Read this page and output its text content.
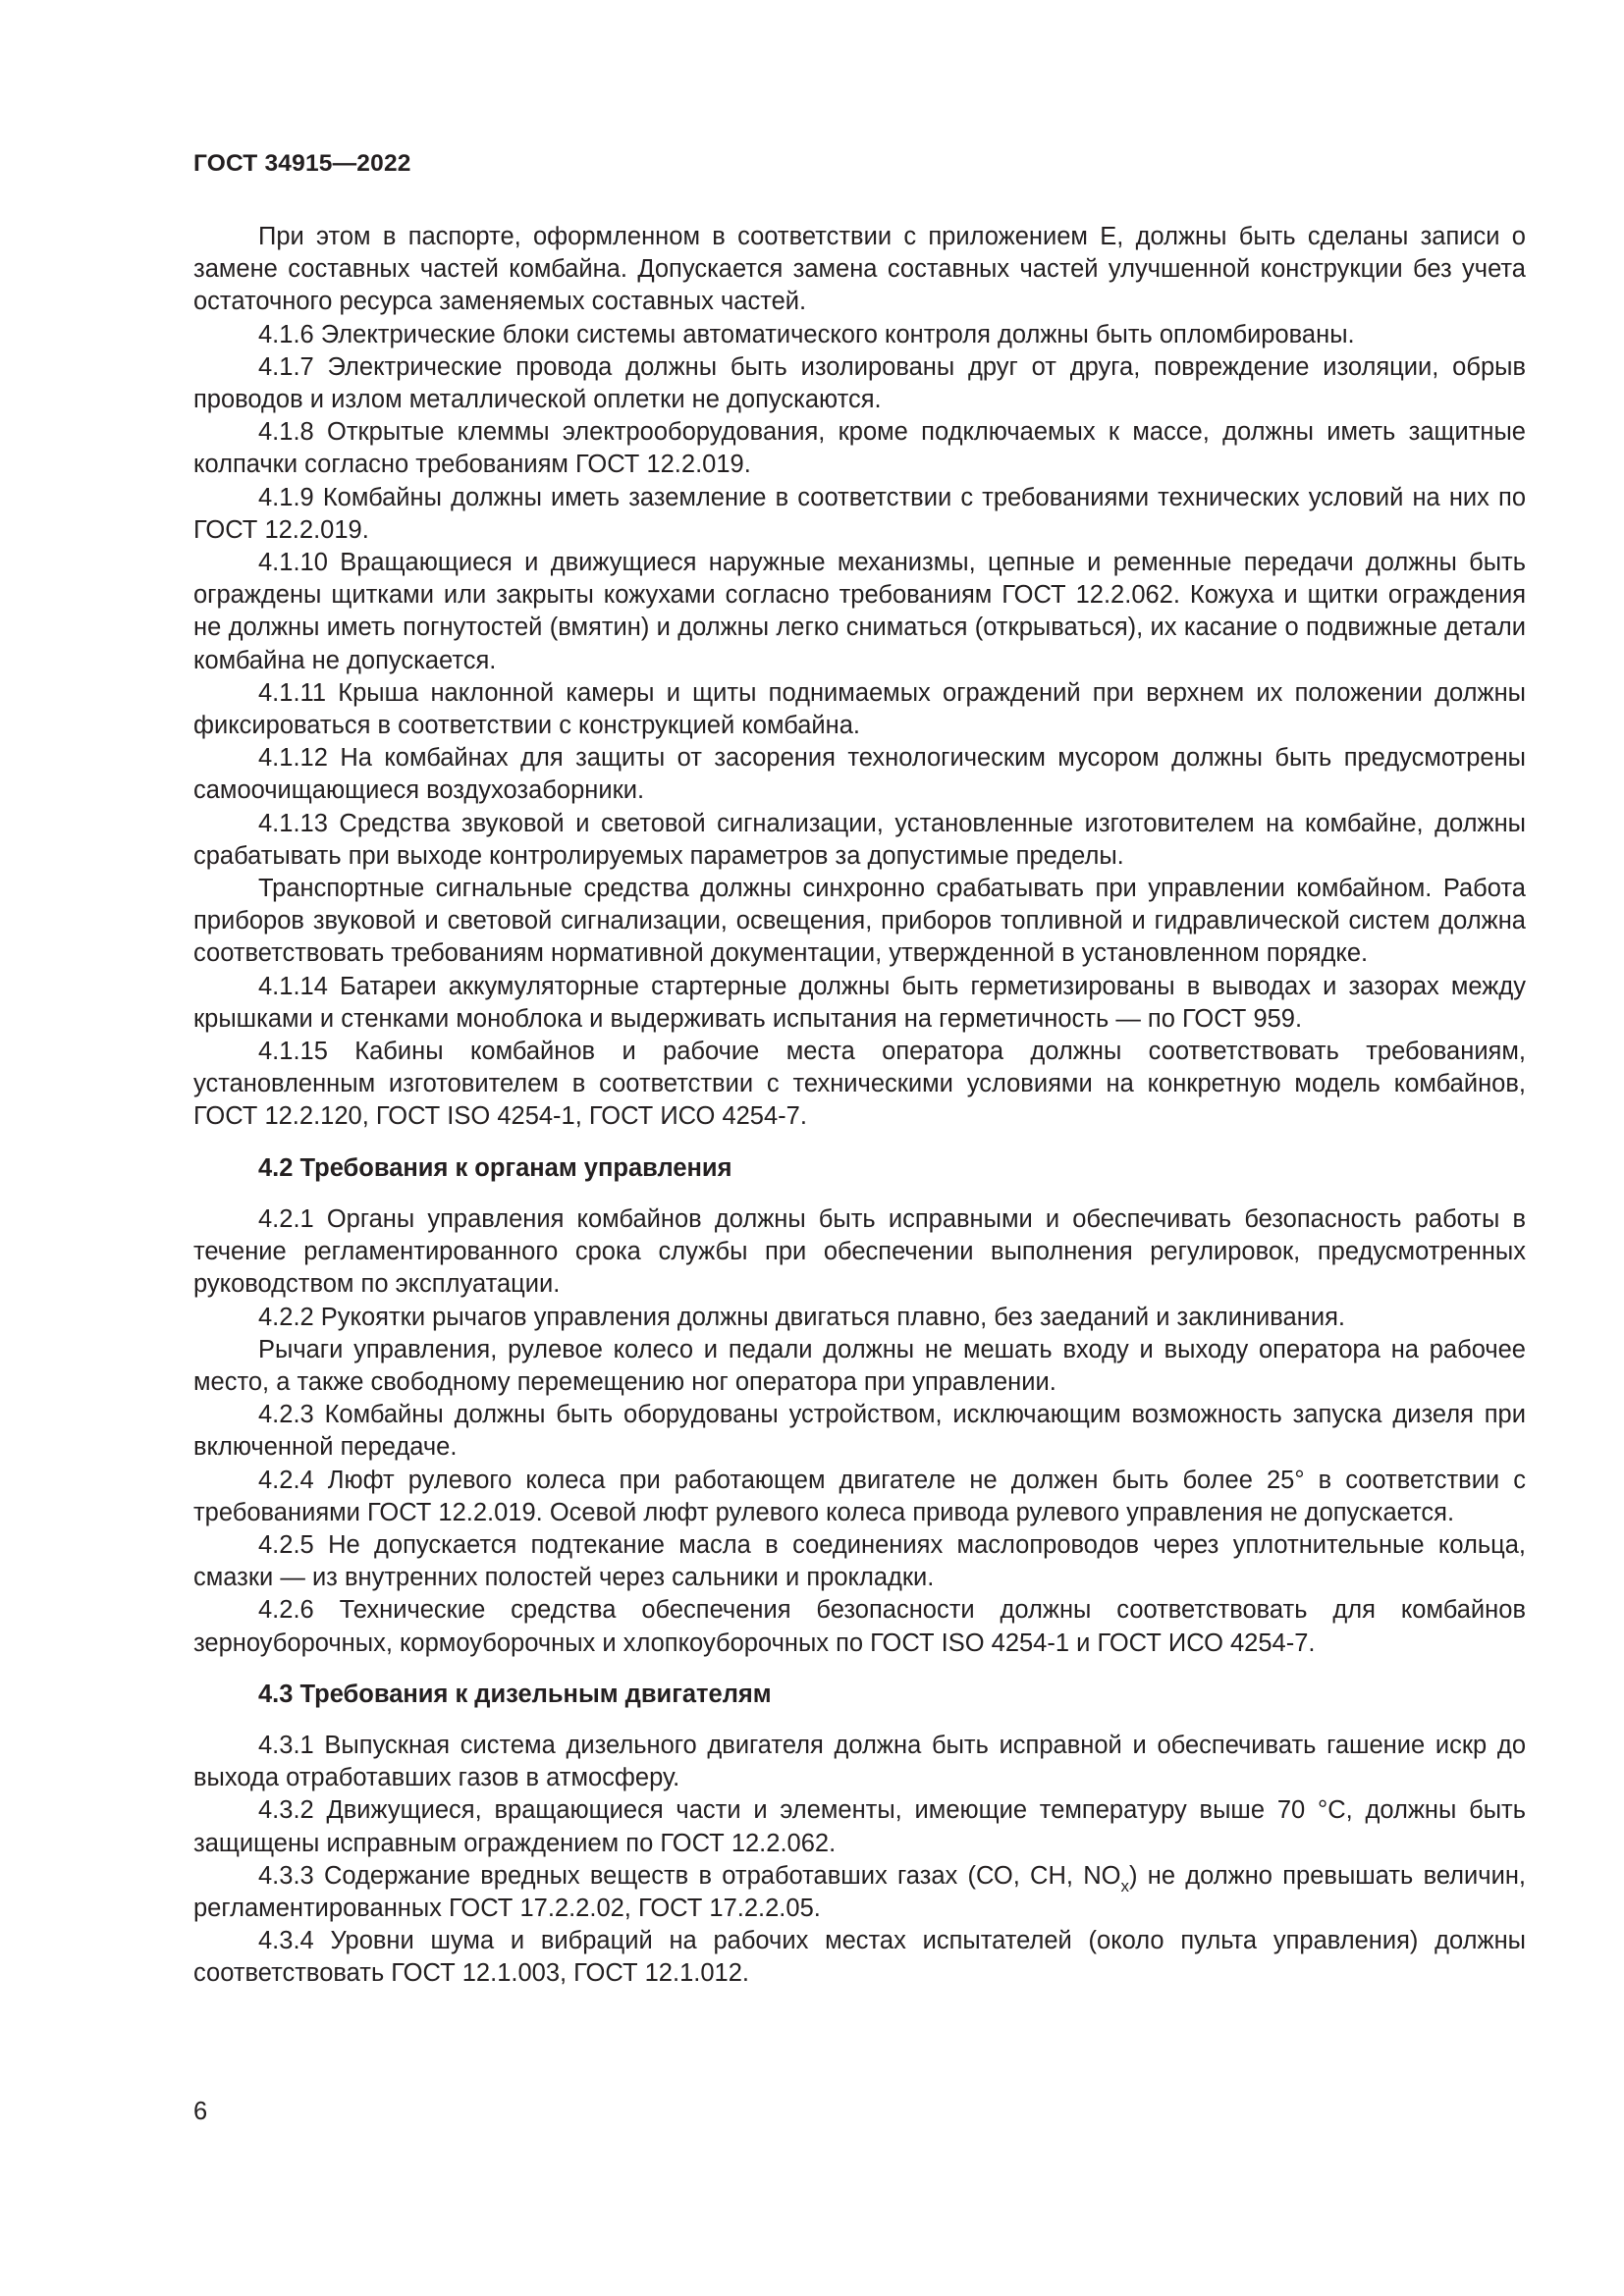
ГОСТ 34915—2022

При этом в паспорте, оформленном в соответствии с приложением Е, должны быть сделаны записи о замене составных частей комбайна. Допускается замена составных частей улучшенной конструкции без учета остаточного ресурса заменяемых составных частей.

4.1.6 Электрические блоки системы автоматического контроля должны быть опломбированы.

4.1.7 Электрические провода должны быть изолированы друг от друга, повреждение изоляции, обрыв проводов и излом металлической оплетки не допускаются.

4.1.8 Открытые клеммы электрооборудования, кроме подключаемых к массе, должны иметь защитные колпачки согласно требованиям ГОСТ 12.2.019.

4.1.9 Комбайны должны иметь заземление в соответствии с требованиями технических условий на них по ГОСТ 12.2.019.

4.1.10 Вращающиеся и движущиеся наружные механизмы, цепные и ременные передачи должны быть ограждены щитками или закрыты кожухами согласно требованиям ГОСТ 12.2.062. Кожуха и щитки ограждения не должны иметь погнутостей (вмятин) и должны легко сниматься (открываться), их касание о подвижные детали комбайна не допускается.

4.1.11 Крыша наклонной камеры и щиты поднимаемых ограждений при верхнем их положении должны фиксироваться в соответствии с конструкцией комбайна.

4.1.12 На комбайнах для защиты от засорения технологическим мусором должны быть предусмотрены самоочищающиеся воздухозаборники.

4.1.13 Средства звуковой и световой сигнализации, установленные изготовителем на комбайне, должны срабатывать при выходе контролируемых параметров за допустимые пределы.

Транспортные сигнальные средства должны синхронно срабатывать при управлении комбайном. Работа приборов звуковой и световой сигнализации, освещения, приборов топливной и гидравлической систем должна соответствовать требованиям нормативной документации, утвержденной в установленном порядке.

4.1.14 Батареи аккумуляторные стартерные должны быть герметизированы в выводах и зазорах между крышками и стенками моноблока и выдерживать испытания на герметичность — по ГОСТ 959.

4.1.15 Кабины комбайнов и рабочие места оператора должны соответствовать требованиям, установленным изготовителем в соответствии с техническими условиями на конкретную модель комбайнов, ГОСТ 12.2.120, ГОСТ ISO 4254-1, ГОСТ ИСО 4254-7.

4.2 Требования к органам управления

4.2.1 Органы управления комбайнов должны быть исправными и обеспечивать безопасность работы в течение регламентированного срока службы при обеспечении выполнения регулировок, предусмотренных руководством по эксплуатации.

4.2.2 Рукоятки рычагов управления должны двигаться плавно, без заеданий и заклинивания.

Рычаги управления, рулевое колесо и педали должны не мешать входу и выходу оператора на рабочее место, а также свободному перемещению ног оператора при управлении.

4.2.3 Комбайны должны быть оборудованы устройством, исключающим возможность запуска дизеля при включенной передаче.

4.2.4 Люфт рулевого колеса при работающем двигателе не должен быть более 25° в соответствии с требованиями ГОСТ 12.2.019. Осевой люфт рулевого колеса привода рулевого управления не допускается.

4.2.5 Не допускается подтекание масла в соединениях маслопроводов через уплотнительные кольца, смазки — из внутренних полостей через сальники и прокладки.

4.2.6 Технические средства обеспечения безопасности должны соответствовать для комбайнов зерноуборочных, кормоуборочных и хлопкоуборочных по ГОСТ ISO 4254-1 и ГОСТ ИСО 4254-7.

4.3 Требования к дизельным двигателям

4.3.1 Выпускная система дизельного двигателя должна быть исправной и обеспечивать гашение искр до выхода отработавших газов в атмосферу.

4.3.2 Движущиеся, вращающиеся части и элементы, имеющие температуру выше 70 °С, должны быть защищены исправным ограждением по ГОСТ 12.2.062.

4.3.3 Содержание вредных веществ в отработавших газах (СО, СН, $NO_x$) не должно превышать величин, регламентированных ГОСТ 17.2.2.02, ГОСТ 17.2.2.05.

4.3.4 Уровни шума и вибраций на рабочих местах испытателей (около пульта управления) должны соответствовать ГОСТ 12.1.003, ГОСТ 12.1.012.

6
